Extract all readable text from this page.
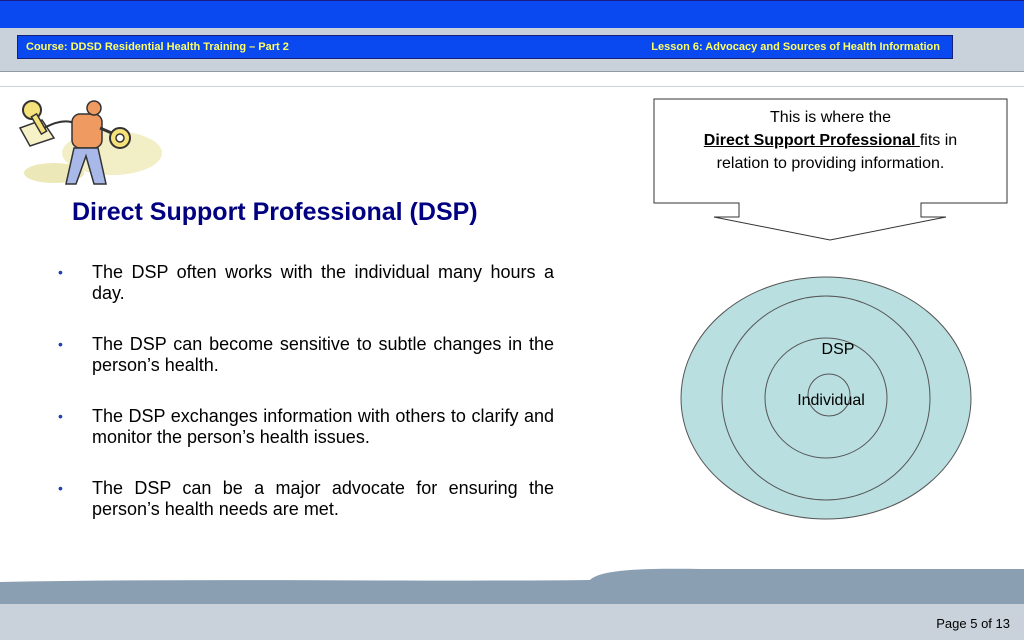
Course: DDSD Residential Health Training – Part 2	Lesson 6: Advocacy and Sources of Health Information
Direct Support Professional (DSP)
• The DSP often works with the individual many hours a day.
• The DSP can become sensitive to subtle changes in the person’s health.
• The DSP exchanges information with others to clarify and monitor the person’s health issues.
• The DSP can be a major advocate for ensuring the person’s health needs are met.
This is where the
Direct Support Professional fits in
relation to providing information.
DSP
Individual
Page 5 of 13
